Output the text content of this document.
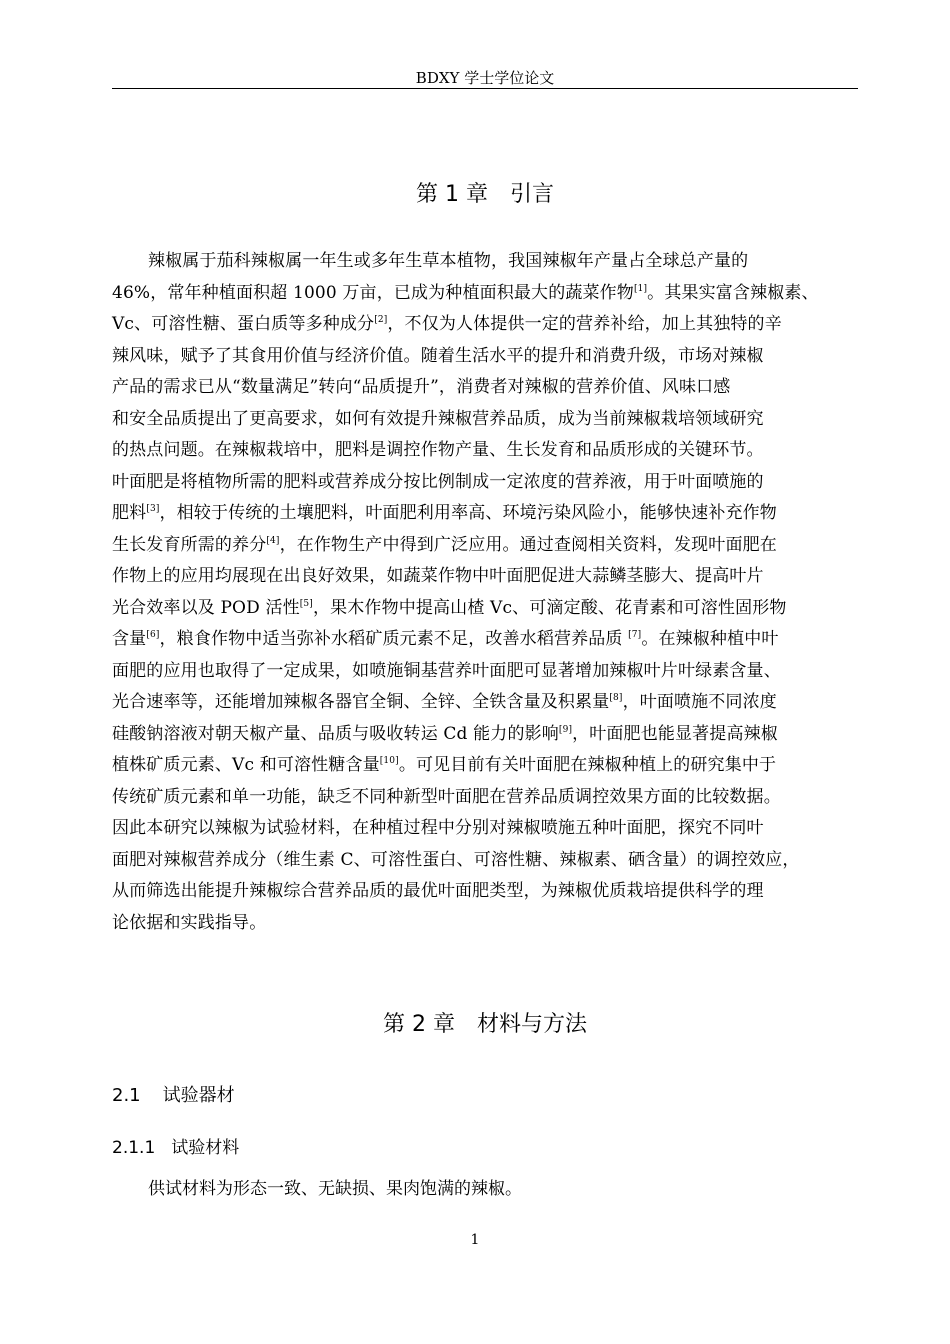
BDXY 学士学位论文
第 1 章　引言
辣椒属于茄科辣椒属一年生或多年生草本植物，我国辣椒年产量占全球总产量的
46%，常年种植面积超 1000 万亩，已成为种植面积最大的蔬菜作物[1]。其果实富含辣椒素、
Vc、可溶性糖、蛋白质等多种成分[2]，不仅为人体提供一定的营养补给，加上其独特的辛
辣风味，赋予了其食用价值与经济价值。随着生活水平的提升和消费升级，市场对辣椒
产品的需求已从“数量满足”转向“品质提升”，消费者对辣椒的营养价值、风味口感
和安全品质提出了更高要求，如何有效提升辣椒营养品质，成为当前辣椒栽培领域研究
的热点问题。在辣椒栽培中，肥料是调控作物产量、生长发育和品质形成的关键环节。
叶面肥是将植物所需的肥料或营养成分按比例制成一定浓度的营养液，用于叶面喷施的
肥料[3]，相较于传统的土壤肥料，叶面肥利用率高、环境污染风险小，能够快速补充作物
生长发育所需的养分[4]，在作物生产中得到广泛应用。通过查阅相关资料，发现叶面肥在
作物上的应用均展现在出良好效果，如蔬菜作物中叶面肥促进大蒜鳞茎膨大、提高叶片
光合效率以及 POD 活性[5]，果木作物中提高山楂 Vc、可滴定酸、花青素和可溶性固形物
含量[6]，粮食作物中适当弥补水稻矿质元素不足，改善水稻营养品质 [7]。在辣椒种植中叶
面肥的应用也取得了一定成果，如喷施铜基营养叶面肥可显著增加辣椒叶片叶绿素含量、
光合速率等，还能增加辣椒各器官全铜、全锌、全铁含量及积累量[8]，叶面喷施不同浓度
硅酸钠溶液对朝天椒产量、品质与吸收转运 Cd 能力的影响[9]，叶面肥也能显著提高辣椒
植株矿质元素、Vc 和可溶性糖含量[10]。可见目前有关叶面肥在辣椒种植上的研究集中于
传统矿质元素和单一功能，缺乏不同种新型叶面肥在营养品质调控效果方面的比较数据。
因此本研究以辣椒为试验材料，在种植过程中分别对辣椒喷施五种叶面肥，探究不同叶
面肥对辣椒营养成分（维生素 C、可溶性蛋白、可溶性糖、辣椒素、硒含量）的调控效应，
从而筛选出能提升辣椒综合营养品质的最优叶面肥类型，为辣椒优质栽培提供科学的理
论依据和实践指导。
第 2 章　材料与方法
2.1 试验器材
2.1.1 试验材料
供试材料为形态一致、无缺损、果肉饱满的辣椒。
1
